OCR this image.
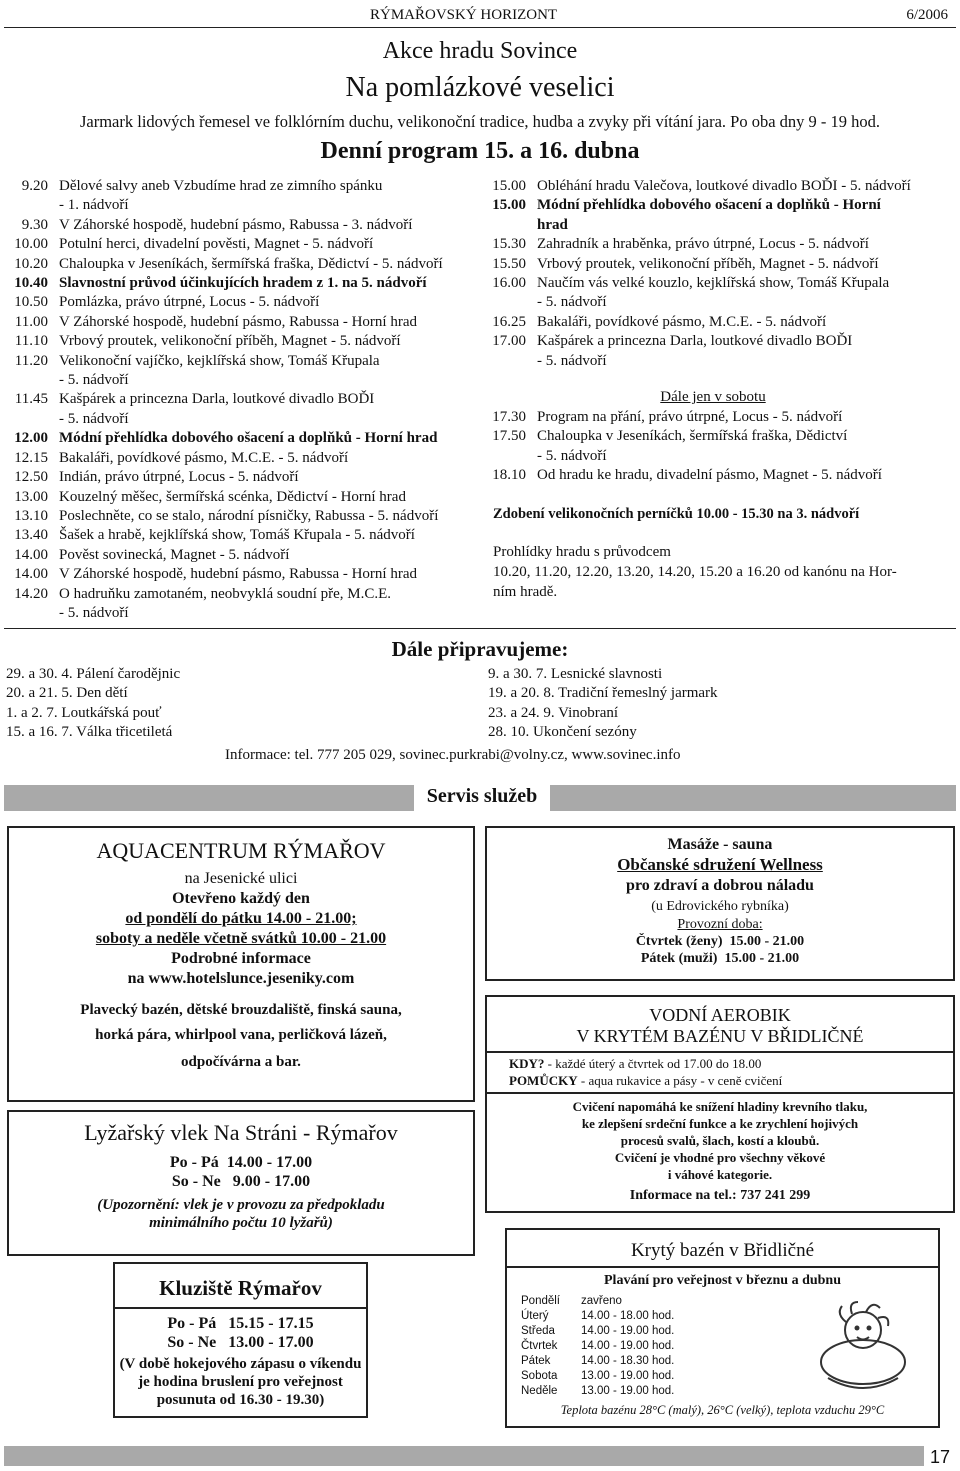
RÝMAŘOVSKÝ HORIZONT	6/2006
Akce hradu Sovince
Na pomlázkové veselici
Jarmark lidových řemesel ve folklórním duchu, velikonoční tradice, hudba a zvyky při vítání jara. Po oba dny 9 - 19 hod.
Denní program 15. a 16. dubna
9.20 Dělové salvy aneb Vzbudíme hrad ze zimního spánku
- 1. nádvoří
9.30 V Záhorské hospodě, hudební pásmo, Rabussa - 3. nádvoří
10.00 Potulní herci, divadelní pověsti, Magnet - 5. nádvoří
10.20 Chaloupka v Jeseníkách, šermířská fraška, Dědictví - 5. nádvoří
10.40 Slavnostní průvod účinkujících hradem z 1. na 5. nádvoří
10.50 Pomlázka, právo útrpné, Locus - 5. nádvoří
11.00 V Záhorské hospodě, hudební pásmo, Rabussa - Horní hrad
11.10 Vrbový proutek, velikonoční příběh, Magnet - 5. nádvoří
11.20 Velikonoční vajíčko, kejklířská show, Tomáš Křupala
- 5. nádvoří
11.45 Kašpárek a princezna Darla, loutkové divadlo BOĎI
- 5. nádvoří
12.00 Módní přehlídka dobového ošacení a doplňků - Horní hrad
12.15 Bakaláři, povídkové pásmo, M.C.E. - 5. nádvoří
12.50 Indián, právo útrpné, Locus - 5. nádvoří
13.00 Kouzelný měšec, šermířská scénka, Dědictví - Horní hrad
13.10 Poslechněte, co se stalo, národní písničky, Rabussa - 5. nádvoří
13.40 Šašek a hrabě, kejklířská show, Tomáš Křupala - 5. nádvoří
14.00 Pověst sovinecká, Magnet - 5. nádvoří
14.00 V Záhorské hospodě, hudební pásmo, Rabussa - Horní hrad
14.20 O hadruňku zamotaném, neobvyklá soudní pře, M.C.E.
- 5. nádvoří
15.00 Obléhání hradu Valečova, loutkové divadlo BOĎI - 5. nádvoří
15.00 Módní přehlídka dobového ošacení a doplňků - Horní
hrad
15.30 Zahradník a hraběnka, právo útrpné, Locus - 5. nádvoří
15.50 Vrbový proutek, velikonoční příběh, Magnet - 5. nádvoří
16.00 Naučím vás velké kouzlo, kejklířská show, Tomáš Křupala
- 5. nádvoří
16.25 Bakaláři, povídkové pásmo, M.C.E. - 5. nádvoří
17.00 Kašpárek a princezna Darla, loutkové divadlo BOĎI
- 5. nádvoří
Dále jen v sobotu
17.30 Program na přání, právo útrpné, Locus - 5. nádvoří
17.50 Chaloupka v Jeseníkách, šermířská fraška, Dědictví
- 5. nádvoří
18.10 Od hradu ke hradu, divadelní pásmo, Magnet - 5. nádvoří
Zdobení velikonočních perníčků 10.00 - 15.30 na 3. nádvoří
Prohlídky hradu s průvodcem
10.20, 11.20, 12.20, 13.20, 14.20, 15.20 a 16.20 od kanónu na Hor-
ním hradě.
Dále připravujeme:
29. a 30. 4. Pálení čarodějnic
20. a 21. 5. Den dětí
1. a 2. 7. Loutkářská pouť
15. a 16. 7. Válka třicetiletá
9. a 30. 7. Lesnické slavnosti
19. a 20. 8. Tradiční řemeslný jarmark
23. a 24. 9. Vinobraní
28. 10. Ukončení sezóny
Informace: tel. 777 205 029, sovinec.purkrabi@volny.cz, www.sovinec.info
Servis služeb
AQUACENTRUM RÝMAŘOV
na Jesenické ulici
Otevřeno každý den
od pondělí do pátku 14.00 - 21.00;
soboty a neděle včetně svátků 10.00 - 21.00
Podrobné informace
na www.hotelslunce.jeseniky.com
Plavecký bazén, dětské brouzdaliště, finská sauna,
horká pára, whirlpool vana, perličková lázeň,
odpočívárna a bar.
Lyžařský vlek Na Stráni - Rýmařov
Po - Pá  14.00 - 17.00
So - Ne   9.00 - 17.00
(Upozornění: vlek je v provozu za předpokladu
minimálního počtu 10 lyžařů)
Kluziště Rýmařov
Po - Pá   15.15 - 17.15
So - Ne   13.00 - 17.00
(V době hokejového zápasu o víkendu
je hodina bruslení pro veřejnost
posunuta od 16.30 - 19.30)
Masáže - sauna
Občanské sdružení Wellness
pro zdraví a dobrou náladu
(u Edrovického rybníka)
Provozní doba:
Čtvrtek (ženy)  15.00 - 21.00
Pátek (muži)  15.00 - 21.00
VODNÍ AEROBIK
V KRYTÉM BAZÉNU V BŘIDLIČNÉ
KDY? - každé úterý a čtvrtek od 17.00 do 18.00
POMŮCKY - aqua rukavice a pásy - v ceně cvičení
Cvičení napomáhá ke snížení hladiny krevního tlaku,
ke zlepšení srdeční funkce a ke zrychlení hojivých
procesů svalů, šlach, kostí a kloubů.
Cvičení je vhodné pro všechny věkové
i váhové kategorie.
Informace na tel.: 737 241 299
Krytý bazén v Břidličné
Plavání pro veřejnost v březnu a dubnu
Pondělí	zavřeno
Úterý	14.00 - 18.00 hod.
Středa	14.00 - 19.00 hod.
Čtvrtek	14.00 - 19.00 hod.
Pátek	14.00 - 18.30 hod.
Sobota	13.00 - 19.00 hod.
Neděle	13.00 - 19.00 hod.
Teplota bazénu 28°C (malý), 26°C (velký), teplota vzduchu 29°C
17
